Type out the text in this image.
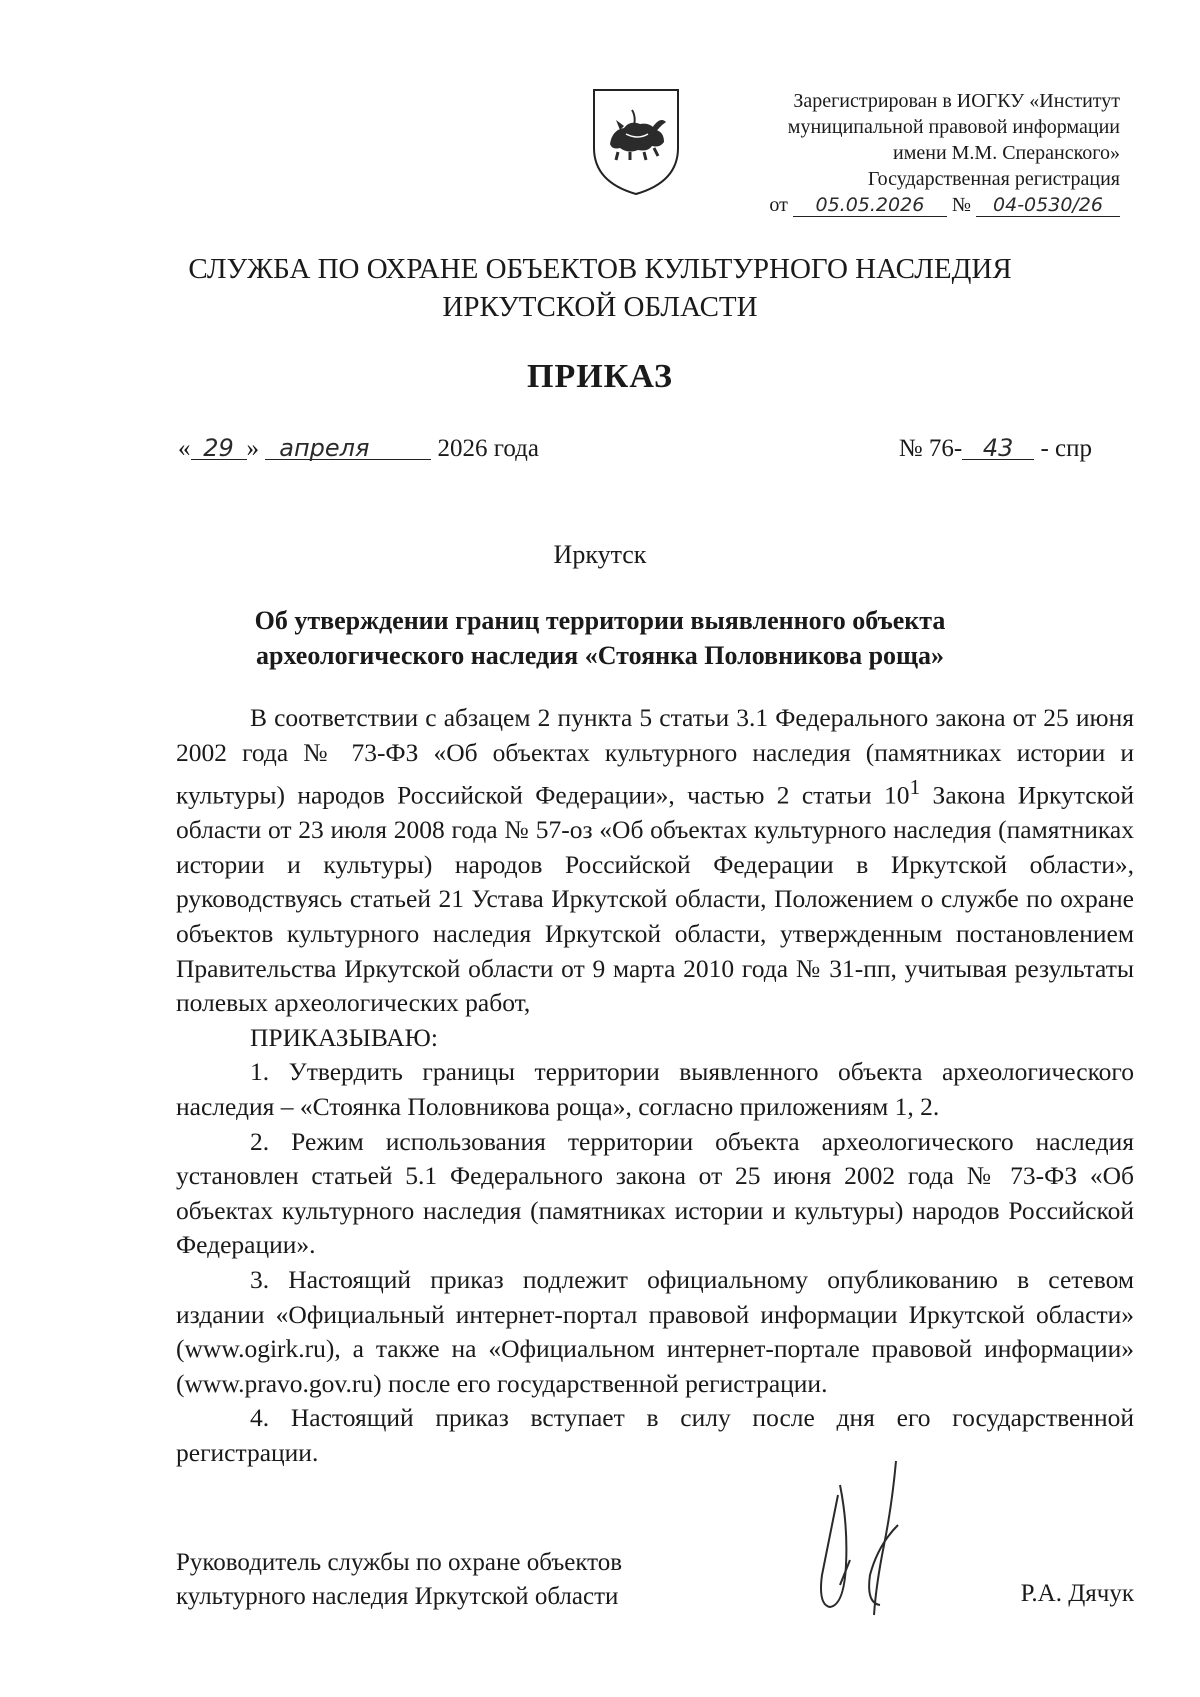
Зарегистрирован в ИОГКУ «Институт
муниципальной правовой информации
имени М.М. Сперанского»
Государственная регистрация
от 05.05.2026 № 04-0530/26
СЛУЖБА ПО ОХРАНЕ ОБЪЕКТОВ КУЛЬТУРНОГО НАСЛЕДИЯ
ИРКУТСКОЙ ОБЛАСТИ
ПРИКАЗ
« 29 » апреля	2026 года	№ 76- 43 - спр
Иркутск
Об утверждении границ территории выявленного объекта
археологического наследия «Стоянка Половникова роща»

В соответствии с абзацем 2 пункта 5 статьи 3.1 Федерального закона от 25 июня 2002 года № 73-ФЗ «Об объектах культурного наследия (памятниках истории и культуры) народов Российской Федерации», частью 2 статьи $10^1$ Закона Иркутской области от 23 июля 2008 года № 57-оз «Об объектах культурного наследия (памятниках истории и культуры) народов Российской Федерации в Иркутской области», руководствуясь статьей 21 Устава Иркутской области, Положением о службе по охране объектов культурного наследия Иркутской области, утвержденным постановлением Правительства Иркутской области от 9 марта 2010 года № 31-пп, учитывая результаты полевых археологических работ,

ПРИКАЗЫВАЮ:

1. Утвердить границы территории выявленного объекта археологического наследия – «Стоянка Половникова роща», согласно приложениям 1, 2.

2. Режим использования территории объекта археологического наследия установлен статьей 5.1 Федерального закона от 25 июня 2002 года № 73-ФЗ «Об объектах культурного наследия (памятниках истории и культуры) народов Российской Федерации».

3. Настоящий приказ подлежит официальному опубликованию в сетевом издании «Официальный интернет-портал правовой информации Иркутской области» (www.ogirk.ru), а также на «Официальном интернет-портале правовой информации» (www.pravo.gov.ru) после его государственной регистрации.

4. Настоящий приказ вступает в силу после дня его государственной регистрации.

Руководитель службы по охране объектов
культурного наследия Иркутской области	Р.А. Дячук
